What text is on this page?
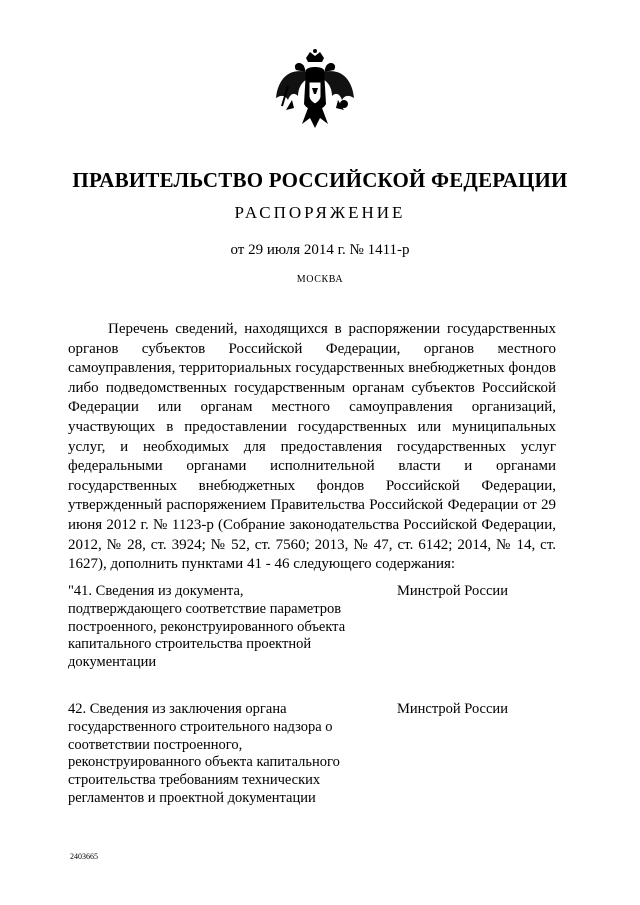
ПРАВИТЕЛЬСТВО РОССИЙСКОЙ ФЕДЕРАЦИИ
РАСПОРЯЖЕНИЕ
от 29 июля 2014 г. № 1411-р
МОСКВА

Перечень сведений, находящихся в распоряжении государственных органов субъектов Российской Федерации, органов местного самоуправления, территориальных государственных внебюджетных фондов либо подведомственных государственным органам субъектов Российской Федерации или органам местного самоуправления организаций, участвующих в предоставлении государственных или муниципальных услуг, и необходимых для предоставления государственных услуг федеральными органами исполнительной власти и органами государственных внебюджетных фондов Российской Федерации, утвержденный распоряжением Правительства Российской Федерации от 29 июня 2012 г. № 1123-р (Собрание законодательства Российской Федерации, 2012, № 28, ст. 3924; № 52, ст. 7560; 2013, № 47, ст. 6142; 2014, № 14, ст. 1627), дополнить пунктами 41 - 46 следующего содержания:

"41. Сведения из документа, подтверждающего соответствие параметров построенного, реконструированного объекта капитального строительства проектной документации

Минстрой России

42. Сведения из заключения органа государственного строительного надзора о соответствии построенного, реконструированного объекта капитального строительства требованиям технических регламентов и проектной документации

Минстрой России
2403665
